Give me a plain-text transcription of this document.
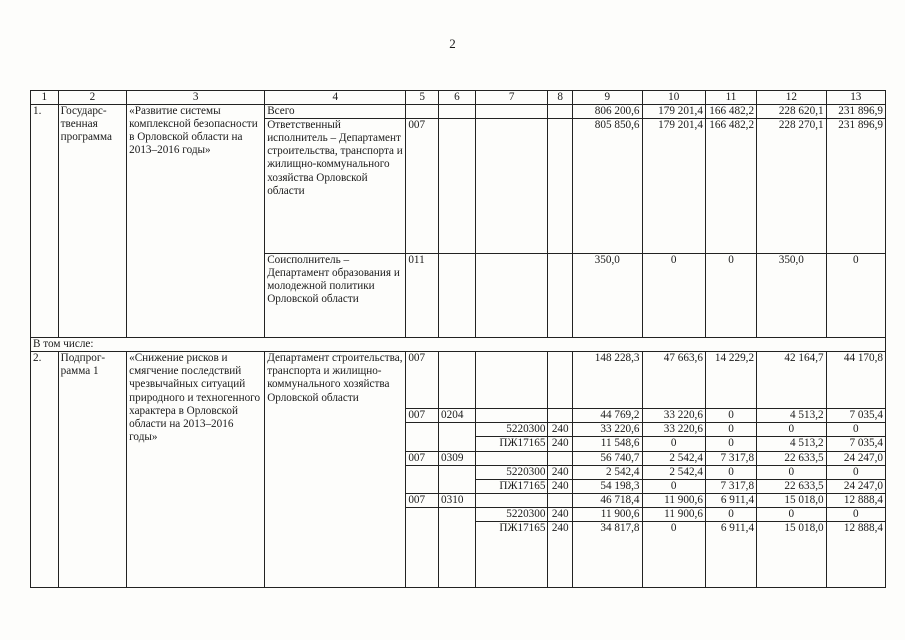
2
1	2	3	4	5	6	7	8	9	10	11	12	13
1.	Государс-твенная программа	«Развитие системы комплексной безопасности в Орловской области на 2013–2016 годы»	Всего					806 200,6	179 201,4	166 482,2	228 620,1	231 896,9
			Ответственный исполнитель – Департамент строительства, транспорта и жилищно-коммунального хозяйства Орловской области	007				805 850,6	179 201,4	166 482,2	228 270,1	231 896,9
			Соисполнитель – Департамент образования и молодежной политики Орловской области	011				350,0	0	0	350,0	0
В том числе:												
2.	Подпрог-рамма 1	«Снижение рисков и смягчение последствий чрезвычайных ситуаций природного и техногенного характера в Орловской области на 2013–2016 годы»	Департамент строительства, транспорта и жилищно-коммунального хозяйства Орловской области	007				148 228,3	47 663,6	14 229,2	42 164,7	44 170,8
				007	0204			44 769,2	33 220,6	0	4 513,2	7 035,4
						5220300	240	33 220,6	33 220,6	0	0	0
						ПЖ17165	240	11 548,6	0	0	4 513,2	7 035,4
				007	0309			56 740,7	2 542,4	7 317,8	22 633,5	24 247,0
						5220300	240	2 542,4	2 542,4	0	0	0
						ПЖ17165	240	54 198,3	0	7 317,8	22 633,5	24 247,0
				007	0310			46 718,4	11 900,6	6 911,4	15 018,0	12 888,4
						5220300	240	11 900,6	11 900,6	0	0	0
						ПЖ17165	240	34 817,8	0	6 911,4	15 018,0	12 888,4
